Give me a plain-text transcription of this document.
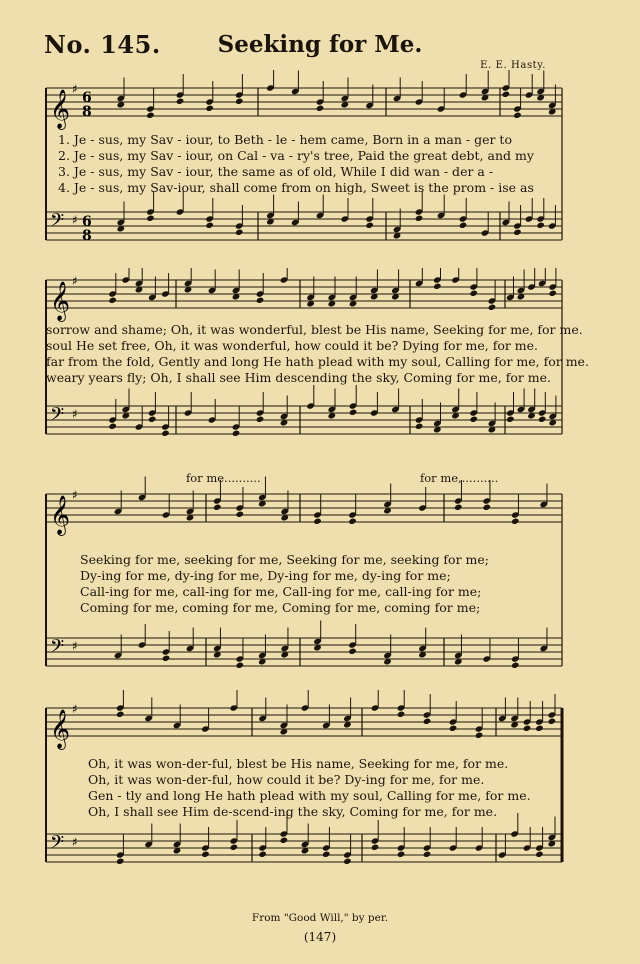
No. 145.	Seeking for Me.
E. E. Hasty.
𝄞
𝄢
♯
♯
6
8
6
8
1. Je - sus, my Sav - iour, to Beth - le - hem came, Born in a man - ger to
2. Je - sus, my Sav - iour, on Cal - va - ry's tree, Paid the great debt, and my
3. Je - sus, my Sav - iour, the same as of old, While I did wan - der a -
4. Je - sus, my Sav-iour, shall come from on high, Sweet is the prom - ise as
𝄞
𝄢
♯
♯
sorrow and shame; Oh, it was wonderful, blest be His name, Seeking for me, for me.
soul He set free, Oh, it was wonderful, how could it be? Dying for me, for me.
far from the fold, Gently and long He hath plead with my soul, Calling for me, for me.
weary years fly; Oh, I shall see Him descending the sky, Coming for me, for me.
for me..........	for me,..........
𝄞
𝄢
♯
♯
Seeking for me, seeking for me, Seeking for me, seeking for me;
Dy-ing for me, dy-ing for me, Dy-ing for me, dy-ing for me;
Call-ing for me, call-ing for me, Call-ing for me, call-ing for me;
Coming for me, coming for me, Coming for me, coming for me;
𝄞
𝄢
♯
♯
Oh, it was won-der-ful, blest be His name, Seeking for me, for me.
Oh, it was won-der-ful, how could it be? Dy-ing for me, for me.
Gen - tly and long He hath plead with my soul, Calling for me, for me.
Oh, I shall see Him de-scend-ing the sky, Coming for me, for me.
From "Good Will," by per.
(147)
